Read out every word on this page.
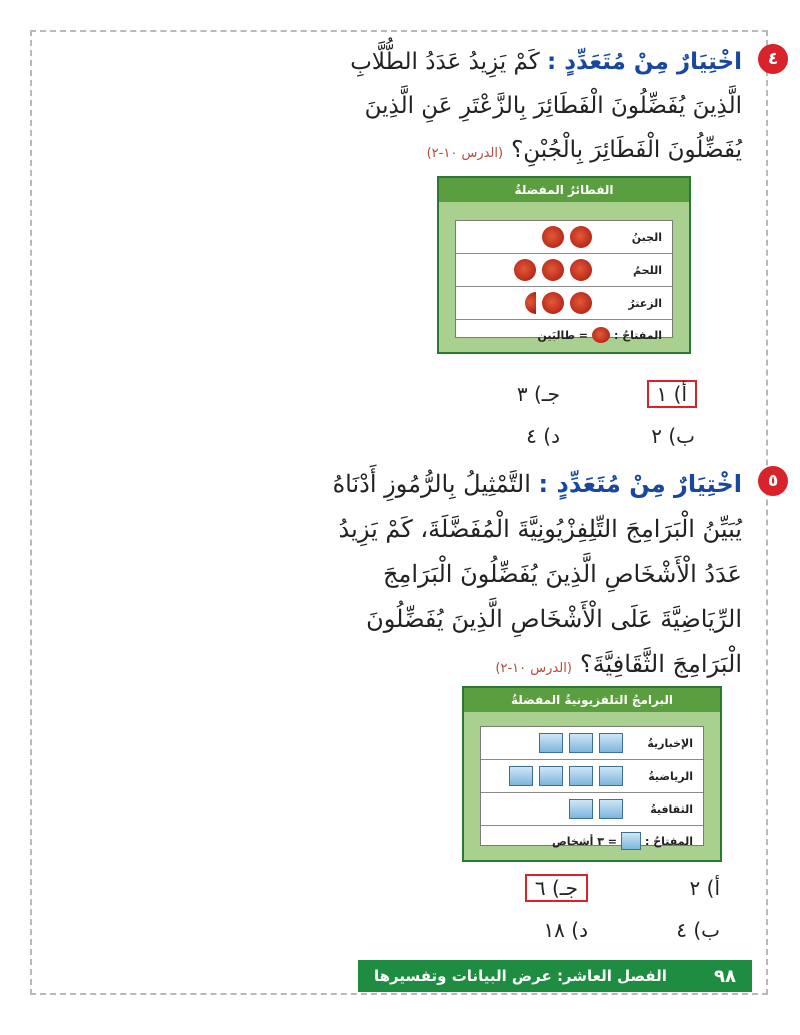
٤
اخْتِيَارٌ مِنْ مُتَعَدِّدٍ : كَمْ يَزِيدُ عَدَدُ الطُّلَّابِ
الَّذِينَ يُفَضِّلُونَ الْفَطَائِرَ بِالزَّعْتَرِ عَنِ الَّذِينَ
يُفَضِّلُونَ الْفَطَائِرَ بِالْجُبْنِ؟(الدرس ١٠-٢)
الفطائرُ المفضلةُ
الجبنُ
اللحمُ
الزعترُ
المفتاحُ :
= طالبَين
أ) ١
جـ) ٣
ب) ٢
د) ٤
٥
اخْتِيَارٌ مِنْ مُتَعَدِّدٍ : التَّمْثِيلُ بِالرُّمُوزِ أَدْنَاهُ
يُبَيِّنُ الْبَرَامِجَ التِّلِفِزْيُونِيَّةَ الْمُفَضَّلَةَ، كَمْ يَزِيدُ
عَدَدُ الْأَشْخَاصِ الَّذِينَ يُفَضِّلُونَ الْبَرَامِجَ
الرِّيَاضِيَّةَ عَلَى الْأَشْخَاصِ الَّذِينَ يُفَضِّلُونَ
الْبَرَامِجَ الثَّقَافِيَّةَ؟(الدرس ١٠-٢)
البرامجُ التلفزيونيةُ المفضلةُ
الإخباريةُ
الرياضيةُ
الثقافيةُ
المفتاحُ :
= ٣ أشخاص
أ) ٢
جـ) ٦
ب) ٤
د) ١٨
٩٨
الفصل العاشر: عرض البيانات وتفسيرها
